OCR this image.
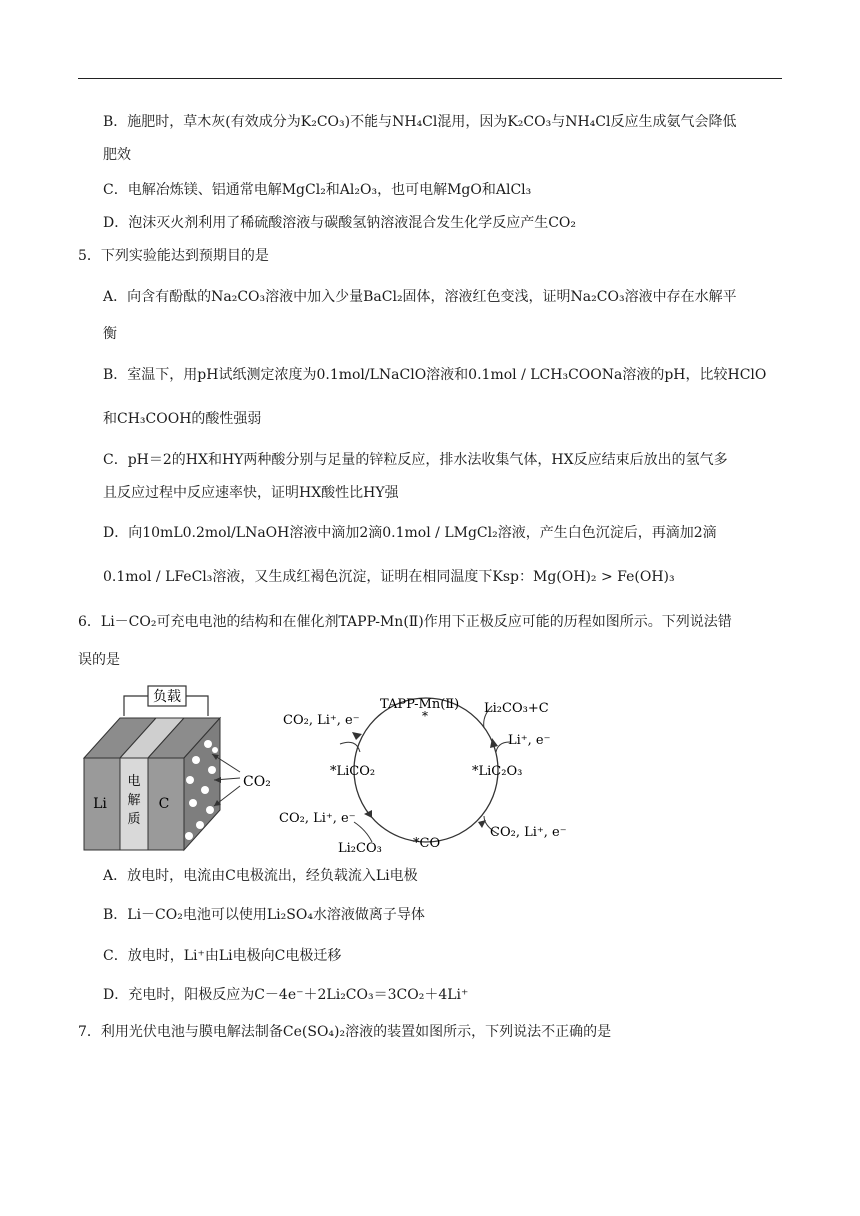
B．施肥时，草木灰(有效成分为K₂CO₃)不能与NH₄Cl混用，因为K₂CO₃与NH₄Cl反应生成氨气会降低
肥效
C．电解冶炼镁、铝通常电解MgCl₂和Al₂O₃，也可电解MgO和AlCl₃
D．泡沫灭火剂利用了稀硫酸溶液与碳酸氢钠溶液混合发生化学反应产生CO₂
5．下列实验能达到预期目的是
A．向含有酚酞的Na₂CO₃溶液中加入少量BaCl₂固体，溶液红色变浅，证明Na₂CO₃溶液中存在水解平
衡
B．室温下，用pH试纸测定浓度为0.1mol/LNaClO溶液和0.1mol / LCH₃COONa溶液的pH，比较HClO
和CH₃COOH的酸性强弱
C．pH＝2的HX和HY两种酸分别与足量的锌粒反应，排水法收集气体，HX反应结束后放出的氢气多
且反应过程中反应速率快，证明HX酸性比HY强
D．向10mL0.2mol/LNaOH溶液中滴加2滴0.1mol / LMgCl₂溶液，产生白色沉淀后，再滴加2滴
0.1mol / LFeCl₃溶液，又生成红褐色沉淀，证明在相同温度下Ksp：Mg(OH)₂ > Fe(OH)₃
6．Li－CO₂可充电电池的结构和在催化剂TAPP-Mn(Ⅱ)作用下正极反应可能的历程如图所示。下列说法错
误的是
负载
Li
电
解
质
C
CO₂
TAPP-Mn(Ⅱ)
*	Li₂CO₃+C
CO₂, Li⁺, e⁻
Li⁺, e⁻
*LiCO₂	*LiC₂O₃
CO₂, Li⁺, e⁻
CO₂, Li⁺, e⁻
Li₂CO₃ *CO
A．放电时，电流由C电极流出，经负载流入Li电极
B．Li－CO₂电池可以使用Li₂SO₄水溶液做离子导体
C．放电时，Li⁺由Li电极向C电极迁移
D．充电时，阳极反应为C－4e⁻＋2Li₂CO₃＝3CO₂＋4Li⁺
7．利用光伏电池与膜电解法制备Ce(SO₄)₂溶液的装置如图所示，下列说法不正确的是
